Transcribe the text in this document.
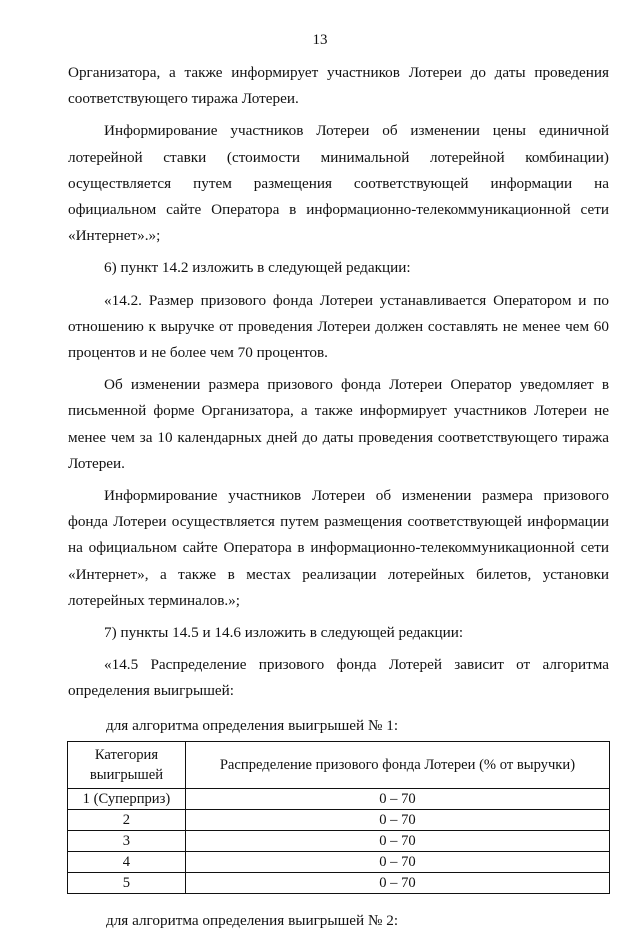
13

Организатора, а также информирует участников Лотереи до даты проведения соответствующего тиража Лотереи.

Информирование участников Лотереи об изменении цены единичной лотерейной ставки (стоимости минимальной лотерейной комбинации) осуществляется путем размещения соответствующей информации на официальном сайте Оператора в информационно-телекоммуникационной сети «Интернет».»;

6) пункт 14.2 изложить в следующей редакции:

«14.2. Размер призового фонда Лотереи устанавливается Оператором и по отношению к выручке от проведения Лотереи должен составлять не менее чем 60 процентов и не более чем 70 процентов.

Об изменении размера призового фонда Лотереи Оператор уведомляет в письменной форме Организатора, а также информирует участников Лотереи не менее чем за 10 календарных дней до даты проведения соответствующего тиража Лотереи.

Информирование участников Лотереи об изменении размера призового фонда Лотереи осуществляется путем размещения соответствующей информации на официальном сайте Оператора в информационно-телекоммуникационной сети «Интернет», а также в местах реализации лотерейных билетов, установки лотерейных терминалов.»;

7) пункты 14.5 и 14.6 изложить в следующей редакции:

«14.5 Распределение призового фонда Лотерей зависит от алгоритма определения выигрышей:

для алгоритма определения выигрышей № 1:
Категория выигрышей	Распределение призового фонда Лотереи (% от выручки)
1 (Суперприз)	0 – 70
2	0 – 70
3	0 – 70
4	0 – 70
5	0 – 70
для алгоритма определения выигрышей № 2:
